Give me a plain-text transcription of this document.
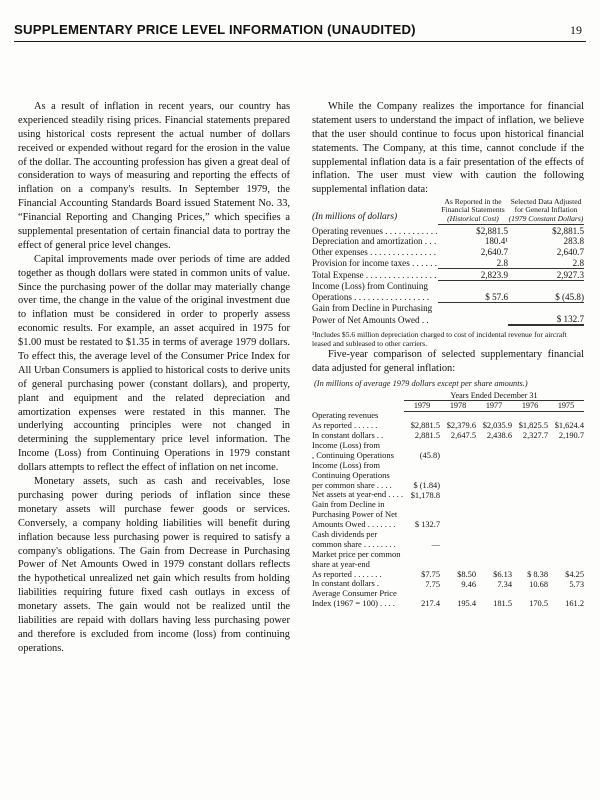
SUPPLEMENTARY PRICE LEVEL INFORMATION (UNAUDITED)	19

As a result of inflation in recent years, our country has experienced steadily rising prices. Financial statements prepared using historical costs represent the actual number of dollars received or expended without regard for the erosion in the value of the dollar. The accounting profession has given a great deal of consideration to ways of measuring and reporting the effects of inflation on a company's results. In September 1979, the Financial Accounting Standards Board issued Statement No. 33, “Financial Reporting and Changing Prices,” which specifies a supplemental presentation of certain financial data to portray the effect of general price level changes.

Capital improvements made over periods of time are added together as though dollars were stated in common units of value. Since the purchasing power of the dollar may materially change over time, the change in the value of the original investment due to inflation must be considered in order to properly assess economic results. For example, an asset acquired in 1975 for $1.00 must be restated to $1.35 in terms of average 1979 dollars. To effect this, the average level of the Consumer Price Index for All Urban Consumers is applied to historical costs to derive units of general purchasing power (constant dollars), and property, plant and equipment and the related depreciation and amortization expenses were restated in this manner. The underlying accounting principles were not changed in determining the supplementary price level information. The Income (Loss) from Continuing Operations in 1979 constant dollars attempts to reflect the effect of inflation on net income.

Monetary assets, such as cash and receivables, lose purchasing power during periods of inflation since these monetary assets will purchase fewer goods or services. Conversely, a company holding liabilities will benefit during inflation because less purchasing power is required to satisfy a company's obligations. The Gain from Decrease in Purchasing Power of Net Amounts Owed in 1979 constant dollars reflects the hypothetical unrealized net gain which results from holding liabilities requiring future fixed cash outlays in excess of monetary assets. The gain would not be realized until the liabilities are repaid with dollars having less purchasing power and therefore is excluded from income (loss) from continuing operations.

While the Company realizes the importance for financial statement users to understand the impact of inflation, we believe that the user should continue to focus upon historical financial statements. The Company, at this time, cannot conclude if the supplemental inflation data is a fair presentation of the effects of inflation. The user must view with caution the following supplemental inflation data:

(In millions of dollars)	As Reported in the
Financial Statements
(Historical Cost)	Selected Data Adjusted
for General Inflation
(1979 Constant Dollars)
Operating revenues . . . . . . . . . . . .	$2,881.5	$2,881.5
Depreciation and amortization . . .	180.4¹	283.8
Other expenses . . . . . . . . . . . . . . .	2,640.7	2,640.7
Provision for income taxes . . . . . .	2.8	2.8
Total Expense . . . . . . . . . . . . . . . .	2,823.9	2,927.3
Income (Loss) from Continuing		
Operations . . . . . . . . . . . . . . . . .	$ 57.6	$ (45.8)
Gain from Decline in Purchasing		
Power of Net Amounts Owed . .		$ 132.7
¹Includes $5.6 million depreciation charged to cost of incidental revenue for aircraft leased and subleased to other carriers.

Five-year comparison of selected supplementary financial data adjusted for general inflation:

(In millions of average 1979 dollars except per share amounts.)
	Years Ended December 31				
	1979	1978	1977	1976	1975
Operating revenues					
As reported . . . . . .	$2,881.5	$2,379.6	$2,035.9	$1,825.5	$1,624.4
In constant dollars . .	2,881.5	2,647.5	2,438.6	2,327.7	2,190.7
Income (Loss) from					
, Continuing Operations	(45.8)				
Income (Loss) from					
Continuing Operations					
per common share . . . .	$ (1.84)				
Net assets at year-end . . . .	$1,178.8				
Gain from Decline in					
Purchasing Power of Net					
Amounts Owed . . . . . . .	$ 132.7				
Cash dividends per					
common share . . . . . . . .	—				
Market price per common					
share at year-end					
As reported . . . . . . .	$7.75	$8.50	$6.13	$ 8.38	$4.25
In constant dollars .	7.75	9.46	7.34	10.68	5.73
Average Consumer Price					
Index (1967 = 100) . . . .	217.4	195.4	181.5	170.5	161.2
